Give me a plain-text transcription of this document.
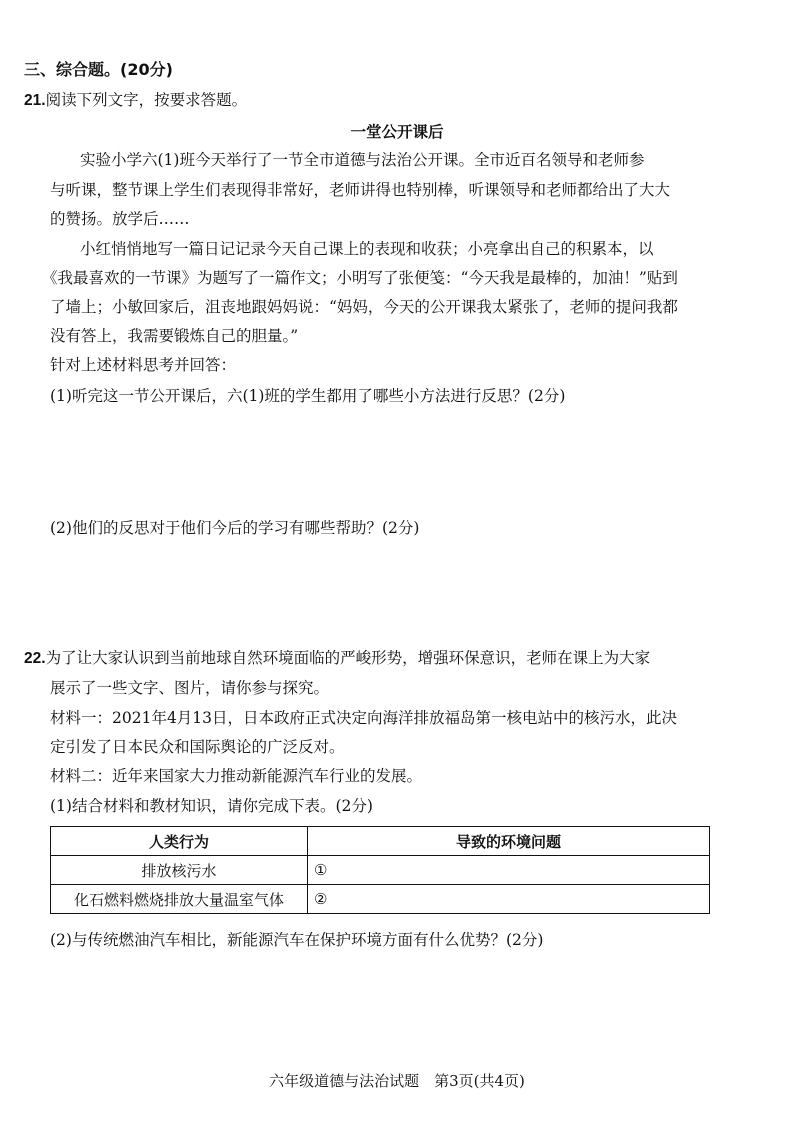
三、综合题。(20分)
21.阅读下列文字，按要求答题。
一堂公开课后
实验小学六(1)班今天举行了一节全市道德与法治公开课。全市近百名领导和老师参
与听课，整节课上学生们表现得非常好，老师讲得也特别棒，听课领导和老师都给出了大大
的赞扬。放学后……
小红悄悄地写一篇日记记录今天自己课上的表现和收获；小亮拿出自己的积累本，以
《我最喜欢的一节课》为题写了一篇作文；小明写了张便笺：“今天我是最棒的，加油！”贴到
了墙上；小敏回家后，沮丧地跟妈妈说：“妈妈，今天的公开课我太紧张了，老师的提问我都
没有答上，我需要锻炼自己的胆量。”
针对上述材料思考并回答：
(1)听完这一节公开课后，六(1)班的学生都用了哪些小方法进行反思？(2分)
(2)他们的反思对于他们今后的学习有哪些帮助？(2分)
22.为了让大家认识到当前地球自然环境面临的严峻形势，增强环保意识，老师在课上为大家
展示了一些文字、图片，请你参与探究。
材料一：2021年4月13日，日本政府正式决定向海洋排放福岛第一核电站中的核污水，此决
定引发了日本民众和国际舆论的广泛反对。
材料二：近年来国家大力推动新能源汽车行业的发展。
(1)结合材料和教材知识，请你完成下表。(2分)
人类行为	导致的环境问题
排放核污水	①
化石燃料燃烧排放大量温室气体	②
(2)与传统燃油汽车相比，新能源汽车在保护环境方面有什么优势？(2分)
六年级道德与法治试题　第3页(共4页)
